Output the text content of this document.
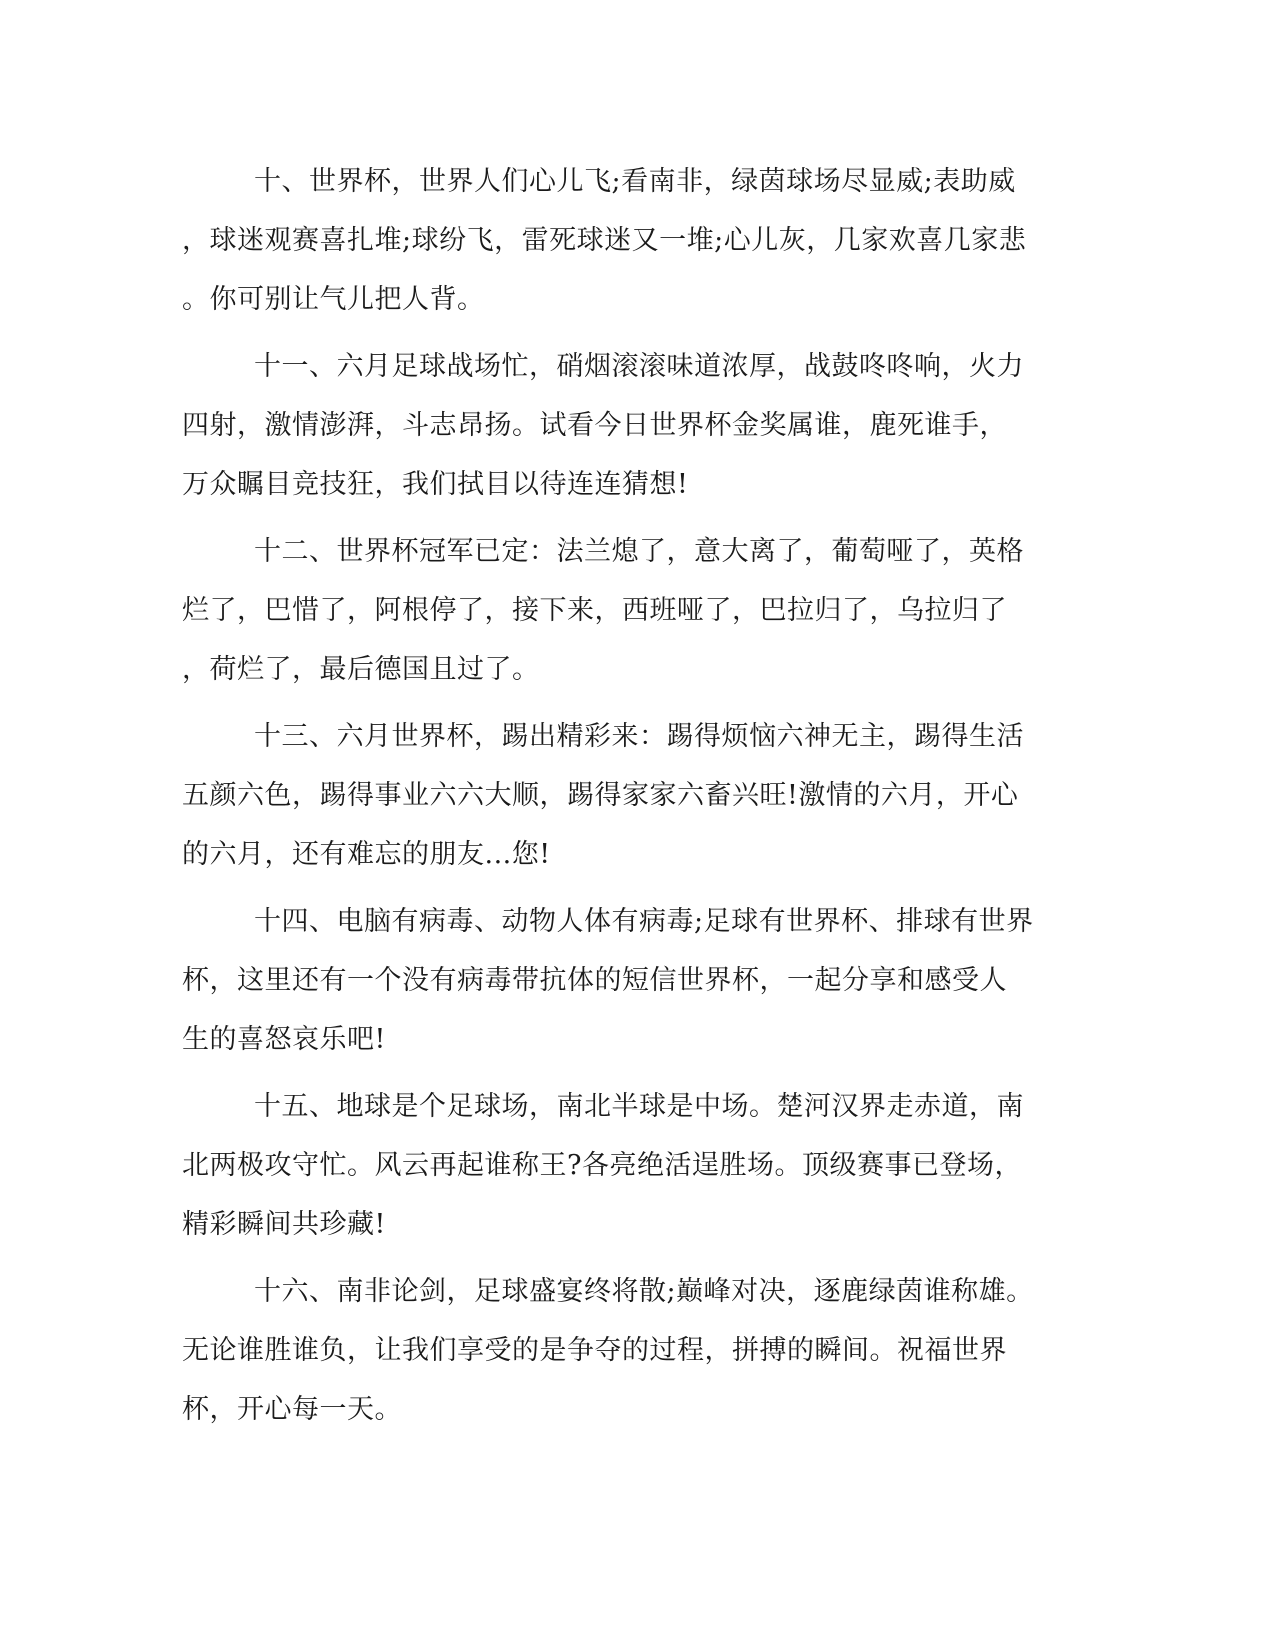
十、世界杯，世界人们心儿飞;看南非，绿茵球场尽显威;表助威
，球迷观赛喜扎堆;球纷飞，雷死球迷又一堆;心儿灰，几家欢喜几家悲
。你可别让气儿把人背。
十一、六月足球战场忙，硝烟滚滚味道浓厚，战鼓咚咚响，火力
四射，激情澎湃，斗志昂扬。试看今日世界杯金奖属谁，鹿死谁手，
万众瞩目竞技狂，我们拭目以待连连猜想!
十二、世界杯冠军已定：法兰熄了，意大离了，葡萄哑了，英格
烂了，巴惜了，阿根停了，接下来，西班哑了，巴拉归了，乌拉归了
，荷烂了，最后德国且过了。
十三、六月世界杯，踢出精彩来：踢得烦恼六神无主，踢得生活
五颜六色，踢得事业六六大顺，踢得家家六畜兴旺!激情的六月，开心
的六月，还有难忘的朋友...您!
十四、电脑有病毒、动物人体有病毒;足球有世界杯、排球有世界
杯，这里还有一个没有病毒带抗体的短信世界杯，一起分享和感受人
生的喜怒哀乐吧!
十五、地球是个足球场，南北半球是中场。楚河汉界走赤道，南
北两极攻守忙。风云再起谁称王?各亮绝活逞胜场。顶级赛事已登场，
精彩瞬间共珍藏!
十六、南非论剑，足球盛宴终将散;巅峰对决，逐鹿绿茵谁称雄。
无论谁胜谁负，让我们享受的是争夺的过程，拼搏的瞬间。祝福世界
杯，开心每一天。
